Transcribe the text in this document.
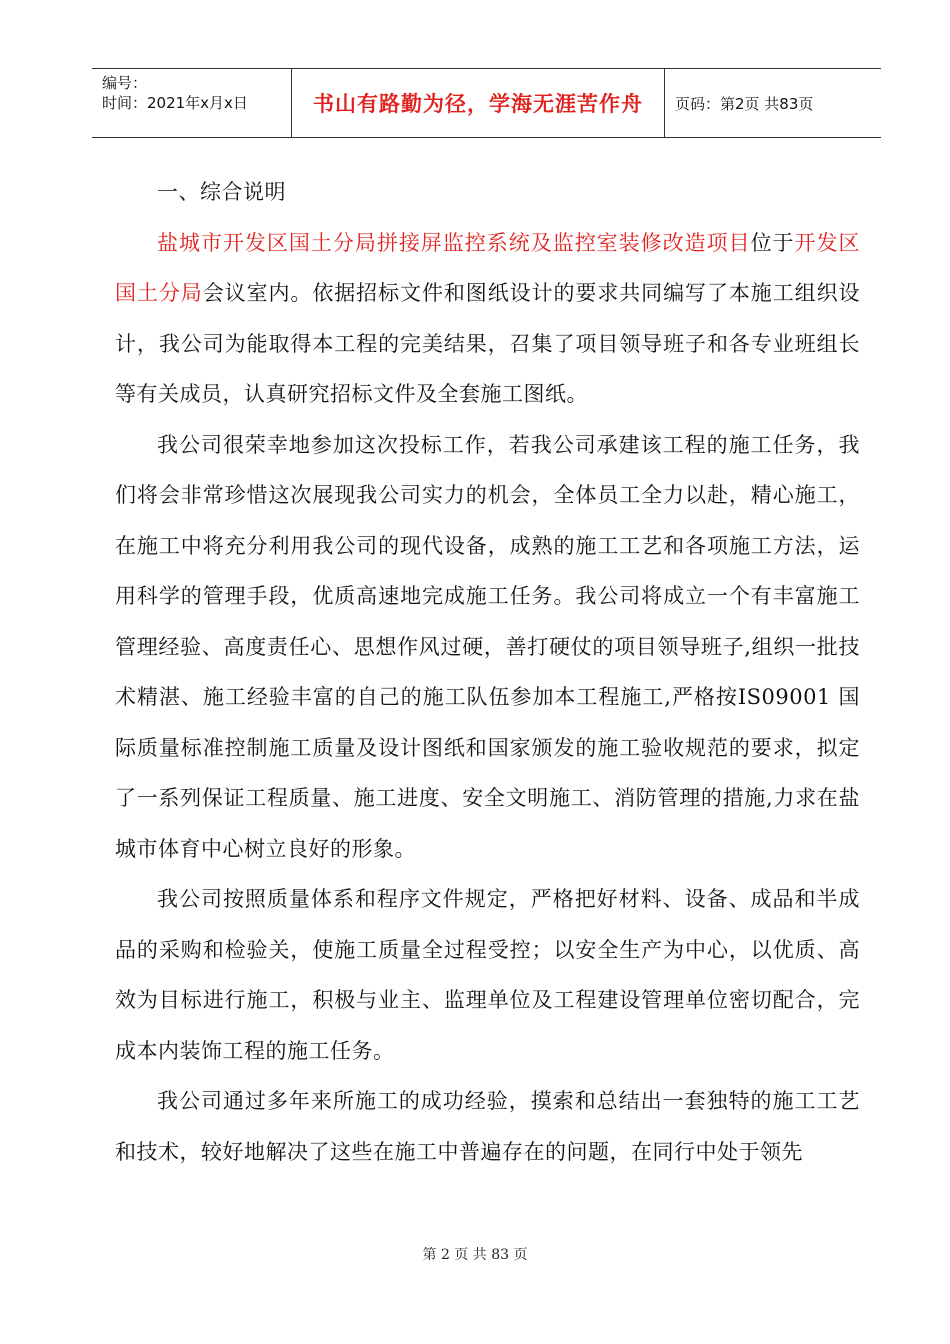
编号：
时间：2021年x月x日	书山有路勤为径，学海无涯苦作舟	页码：第2页 共83页

一、综合说明

盐城市开发区国土分局拼接屏监控系统及监控室装修改造项目位于开发区国土分局会议室内。依据招标文件和图纸设计的要求共同编写了本施工组织设计，我公司为能取得本工程的完美结果，召集了项目领导班子和各专业班组长等有关成员，认真研究招标文件及全套施工图纸。

我公司很荣幸地参加这次投标工作，若我公司承建该工程的施工任务，我们将会非常珍惜这次展现我公司实力的机会，全体员工全力以赴，精心施工，在施工中将充分利用我公司的现代设备，成熟的施工工艺和各项施工方法，运用科学的管理手段，优质高速地完成施工任务。我公司将成立一个有丰富施工管理经验、高度责任心、思想作风过硬，善打硬仗的项目领导班子,组织一批技术精湛、施工经验丰富的自己的施工队伍参加本工程施工,严格按IS09001 国际质量标准控制施工质量及设计图纸和国家颁发的施工验收规范的要求，拟定了一系列保证工程质量、施工进度、安全文明施工、消防管理的措施,力求在盐城市体育中心树立良好的形象。

我公司按照质量体系和程序文件规定，严格把好材料、设备、成品和半成品的采购和检验关，使施工质量全过程受控；以安全生产为中心，以优质、高效为目标进行施工，积极与业主、监理单位及工程建设管理单位密切配合，完成本内装饰工程的施工任务。

我公司通过多年来所施工的成功经验，摸索和总结出一套独特的施工工艺和技术，较好地解决了这些在施工中普遍存在的问题，在同行中处于领先

第 2 页 共 83 页
